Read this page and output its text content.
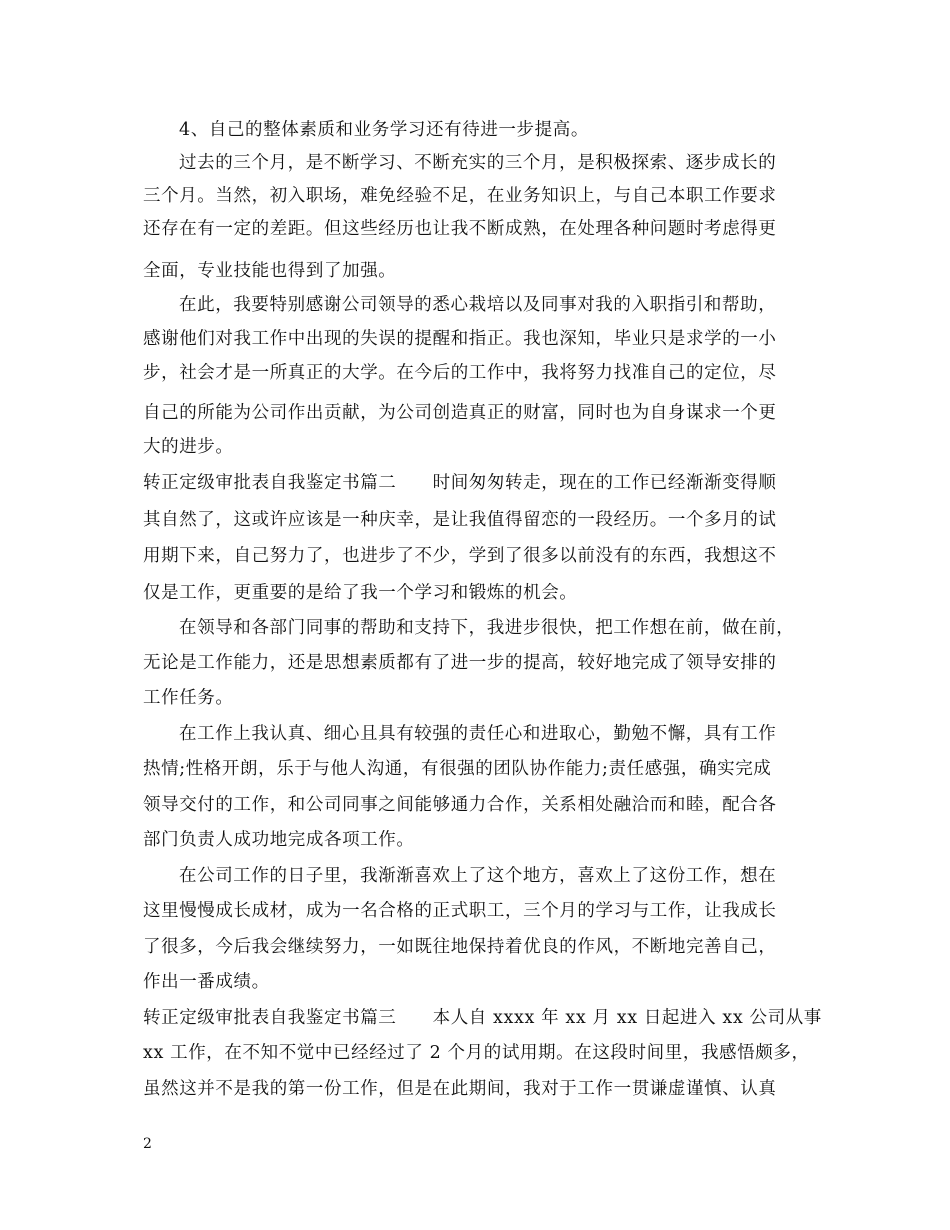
4、自己的整体素质和业务学习还有待进一步提高。
过去的三个月，是不断学习、不断充实的三个月，是积极探索、逐步成长的
三个月。当然，初入职场，难免经验不足，在业务知识上，与自己本职工作要求
还存在有一定的差距。但这些经历也让我不断成熟，在处理各种问题时考虑得更
全面，专业技能也得到了加强。
在此，我要特别感谢公司领导的悉心栽培以及同事对我的入职指引和帮助，
感谢他们对我工作中出现的失误的提醒和指正。我也深知，毕业只是求学的一小
步，社会才是一所真正的大学。在今后的工作中，我将努力找准自己的定位，尽
自己的所能为公司作出贡献，为公司创造真正的财富，同时也为自身谋求一个更
大的进步。
转正定级审批表自我鉴定书篇二　　时间匆匆转走，现在的工作已经渐渐变得顺
其自然了，这或许应该是一种庆幸，是让我值得留恋的一段经历。一个多月的试
用期下来，自己努力了，也进步了不少，学到了很多以前没有的东西，我想这不
仅是工作，更重要的是给了我一个学习和锻炼的机会。
在领导和各部门同事的帮助和支持下，我进步很快，把工作想在前，做在前，
无论是工作能力，还是思想素质都有了进一步的提高，较好地完成了领导安排的
工作任务。
在工作上我认真、细心且具有较强的责任心和进取心，勤勉不懈，具有工作
热情;性格开朗，乐于与他人沟通，有很强的团队协作能力;责任感强，确实完成
领导交付的工作，和公司同事之间能够通力合作，关系相处融洽而和睦，配合各
部门负责人成功地完成各项工作。
在公司工作的日子里，我渐渐喜欢上了这个地方，喜欢上了这份工作，想在
这里慢慢成长成材，成为一名合格的正式职工，三个月的学习与工作，让我成长
了很多，今后我会继续努力，一如既往地保持着优良的作风，不断地完善自己，
作出一番成绩。
转正定级审批表自我鉴定书篇三　　本人自 xxxx 年 xx 月 xx 日起进入 xx 公司从事
xx 工作，在不知不觉中已经经过了 2 个月的试用期。在这段时间里，我感悟颇多，
虽然这并不是我的第一份工作，但是在此期间，我对于工作一贯谦虚谨慎、认真
2
